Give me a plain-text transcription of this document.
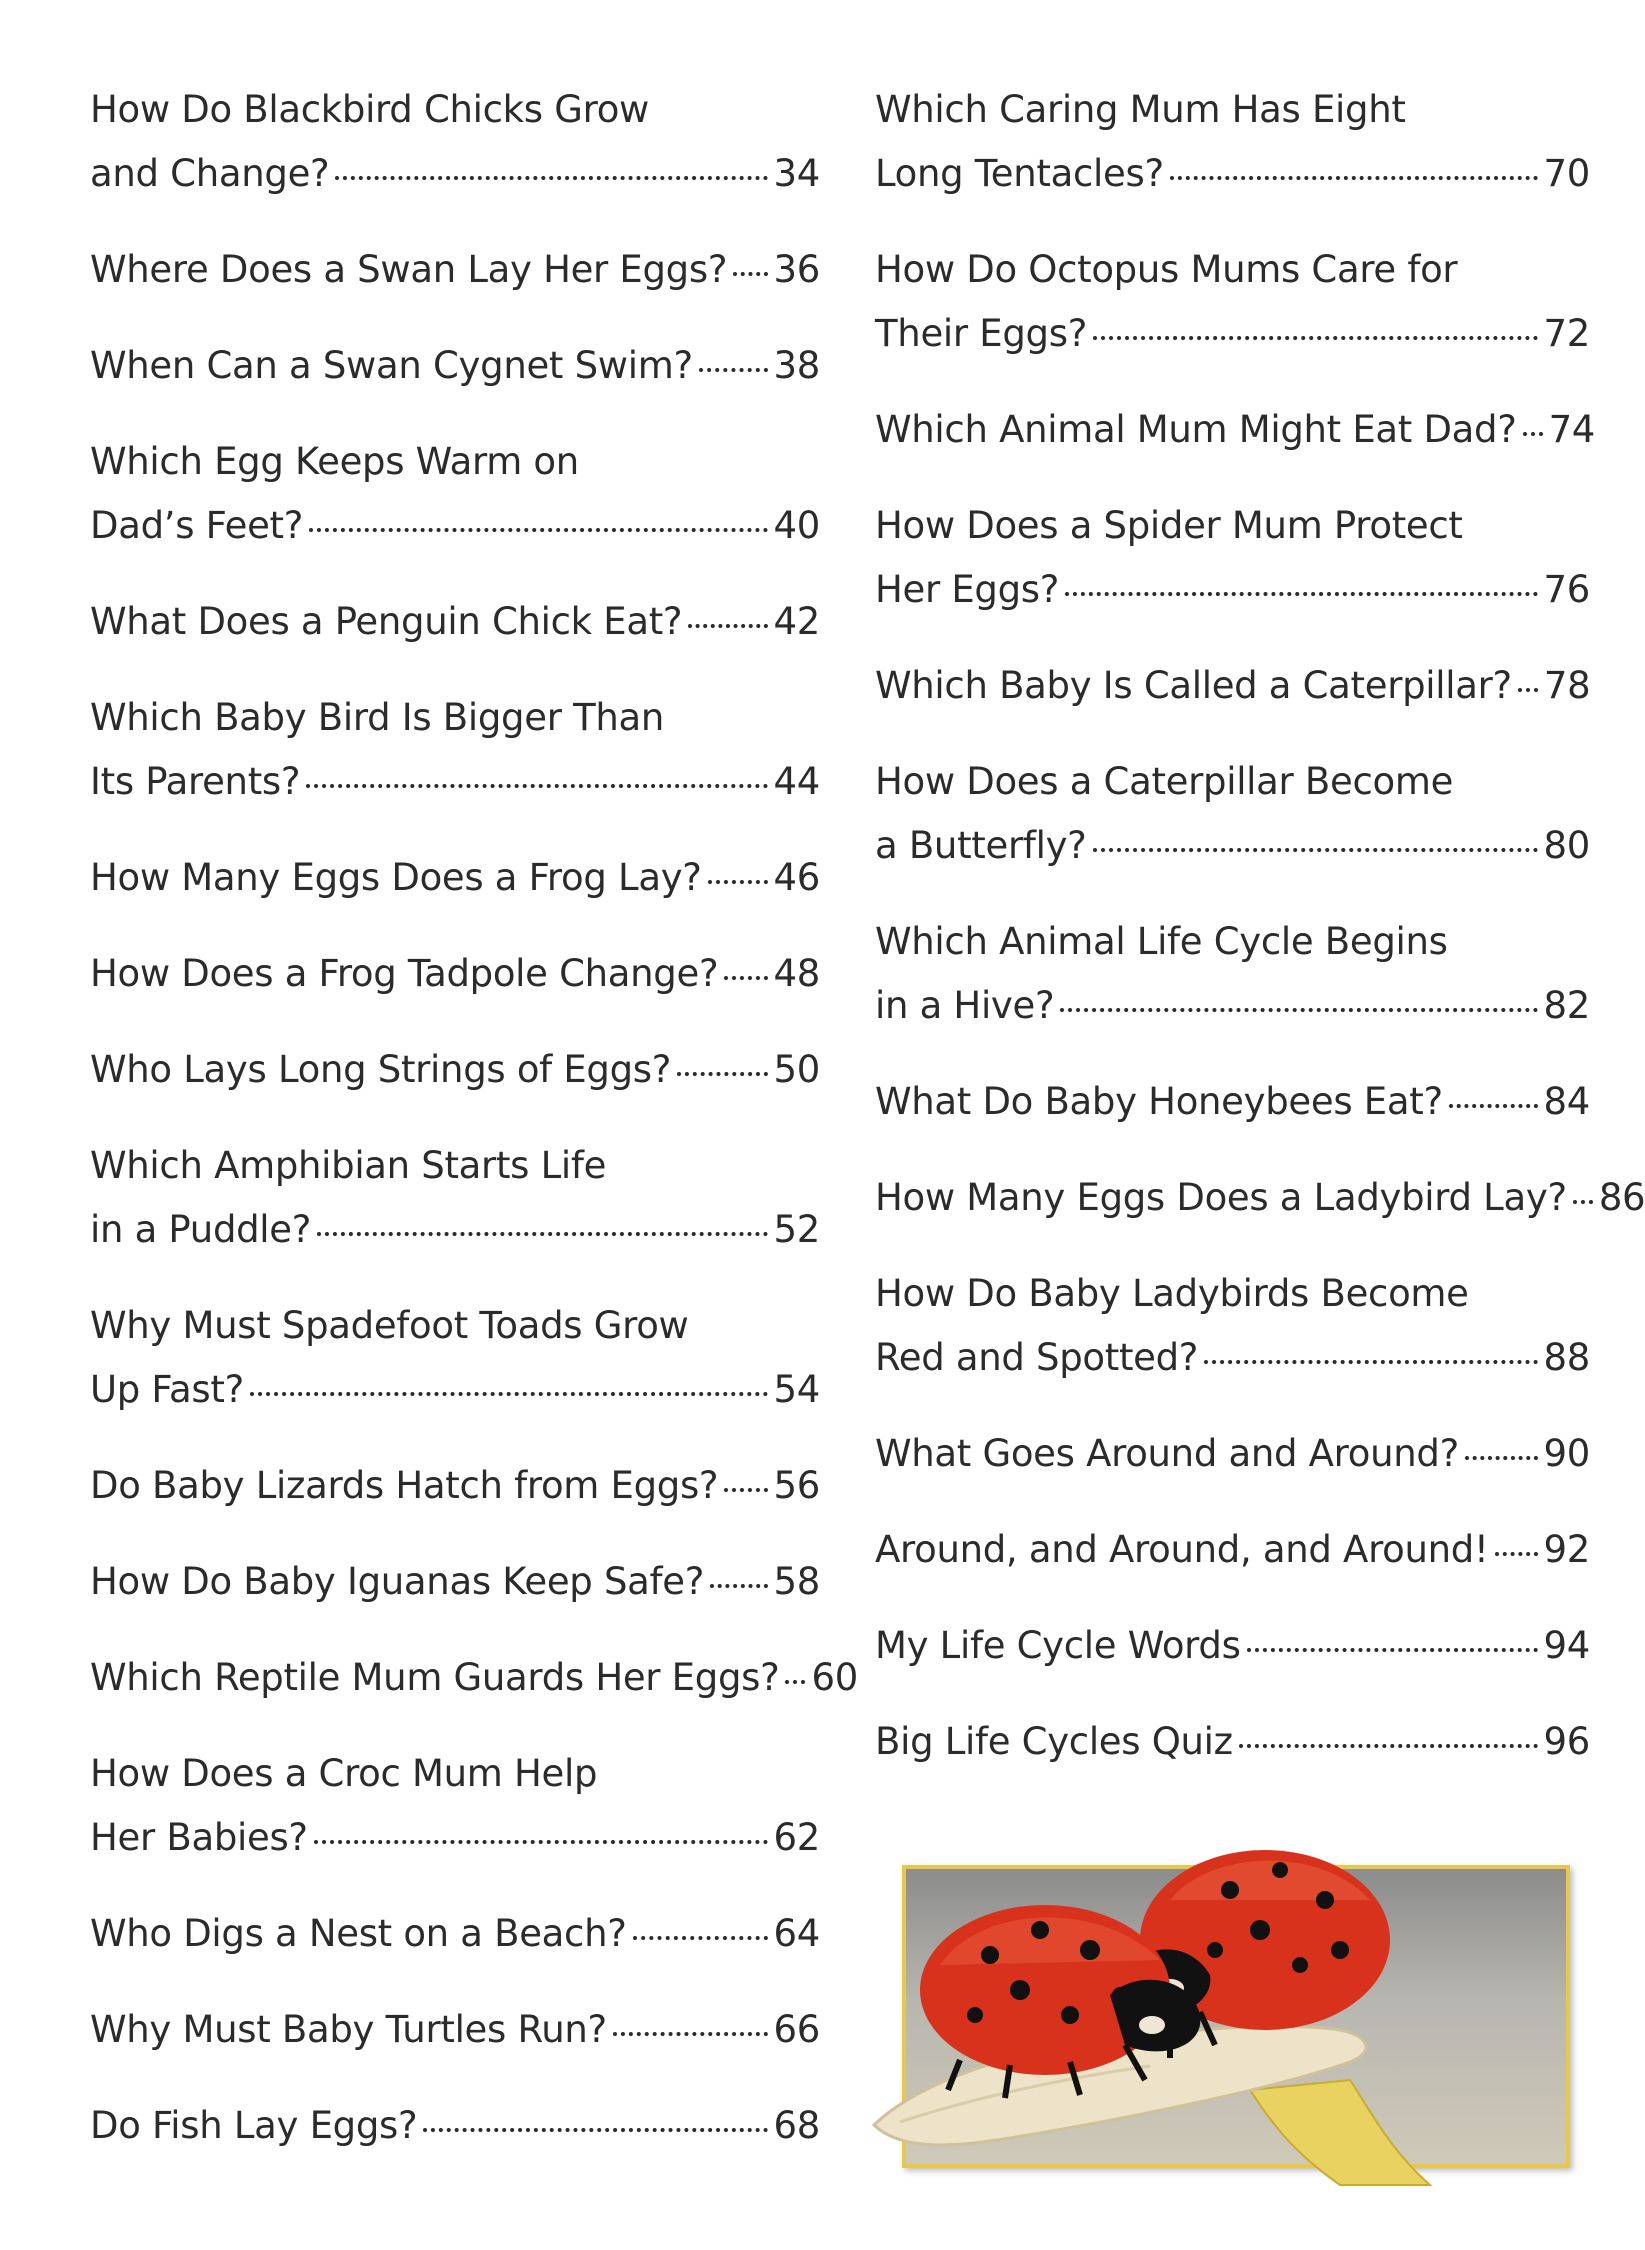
How Do Blackbird Chicks Grow
and Change?	34
Where Does a Swan Lay Her Eggs? 36
When Can a Swan Cygnet Swim? 38
Which Egg Keeps Warm on
Dad’s Feet?	40
What Does a Penguin Chick Eat? 42
Which Baby Bird Is Bigger Than
Its Parents?	44
How Many Eggs Does a Frog Lay? 46
How Does a Frog Tadpole Change? 48
Who Lays Long Strings of Eggs?	50
Which Amphibian Starts Life
in a Puddle?	52
Why Must Spadefoot Toads Grow
Up Fast?	54
Do Baby Lizards Hatch from Eggs? 56
How Do Baby Iguanas Keep Safe? 58
Which Reptile Mum Guards Her Eggs? 60
How Does a Croc Mum Help
Her Babies?	62
Who Digs a Nest on a Beach?	64
Why Must Baby Turtles Run?	66
Do Fish Lay Eggs?	68
Which Caring Mum Has Eight
Long Tentacles?	70
How Do Octopus Mums Care for
Their Eggs?	72
Which Animal Mum Might Eat Dad? 74
How Does a Spider Mum Protect
Her Eggs?	76
Which Baby Is Called a Caterpillar? 78
How Does a Caterpillar Become
a Butterfly?	80
Which Animal Life Cycle Begins
in a Hive?	82
What Do Baby Honeybees Eat?	84
How Many Eggs Does a Ladybird Lay? 86
How Do Baby Ladybirds Become
Red and Spotted?	88
What Goes Around and Around? 90
Around, and Around, and Around! 92
My Life Cycle Words	94
Big Life Cycles Quiz	96
